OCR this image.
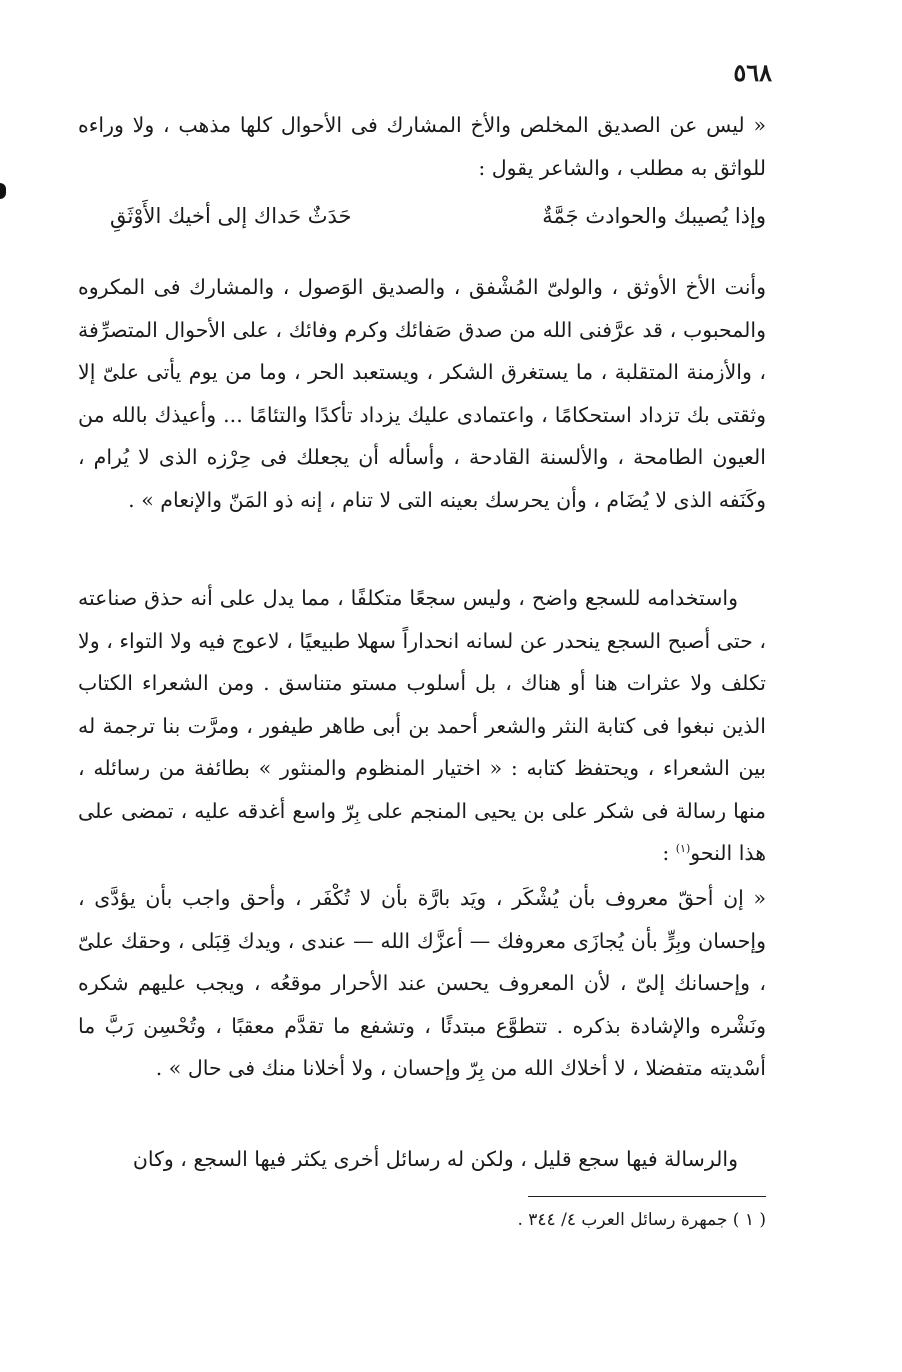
٥٦٨
« ليس عن الصديق المخلص والأخ المشارك فى الأحوال كلها مذهب ، ولا وراءه للواثق به مطلب ، والشاعر يقول :
وإذا يُصيبك والحوادث جَمَّةٌ
حَدَثٌ حَداك إلى أخيك الأَوْثَقِ
وأنت الأخ الأوثق ، والولىّ المُشْفق ، والصديق الوَصول ، والمشارك فى المكروه والمحبوب ، قد عرَّفنى الله من صدق صَفائك وكرم وفائك ، على الأحوال المتصرِّفة ، والأزمنة المتقلبة ، ما يستغرق الشكر ، ويستعبد الحر ، وما من يوم يأتى علىّ إلا وثقتى بك تزداد استحكامًا ، واعتمادى عليك يزداد تأكدًا والتئامًا ... وأعيذك بالله من العيون الطامحة ، والألسنة القادحة ، وأسأله أن يجعلك فى حِرْزه الذى لا يُرام ، وكَنَفه الذى لا يُضَام ، وأن يحرسك بعينه التى لا تنام ، إنه ذو المَنّ والإنعام » .
واستخدامه للسجع واضح ، وليس سجعًا متكلفًا ، مما يدل على أنه حذق صناعته ، حتى أصبح السجع ينحدر عن لسانه انحداراً سهلا طبيعيًا ، لاعوج فيه ولا التواء ، ولا تكلف ولا عثرات هنا أو هناك ، بل أسلوب مستو متناسق . ومن الشعراء الكتاب الذين نبغوا فى كتابة النثر والشعر أحمد بن أبى طاهر طيفور ، ومرَّت بنا ترجمة له بين الشعراء ، ويحتفظ كتابه : « اختيار المنظوم والمنثور » بطائفة من رسائله ، منها رسالة فى شكر على بن يحيى المنجم على بِرّ واسع أغدقه عليه ، تمضى على هذا النحو$^{(١)}$ :
« إن أحقّ معروف بأن يُشْكَر ، ويَد بارَّة بأن لا تُكْفَر ، وأحق واجب بأن يؤدَّى ، وإحسان وبِرٍّ بأن يُجازَى معروفك — أعزَّك الله — عندى ، ويدك قِبَلى ، وحقك علىّ ، وإحسانك إلىّ ، لأن المعروف يحسن عند الأحرار موقعُه ، ويجب عليهم شكره ونَشْره والإشادة بذكره . تتطوَّع مبتدئًا ، وتشفع ما تقدَّم معقبًا ، وتُحْسِن رَبَّ ما أسْديته متفضلا ، لا أخلاك الله من بِرّ وإحسان ، ولا أخلانا منك فى حال » .
والرسالة فيها سجع قليل ، ولكن له رسائل أخرى يكثر فيها السجع ، وكان
( ١ ) جمهرة رسائل العرب ٤/ ٣٤٤ .
